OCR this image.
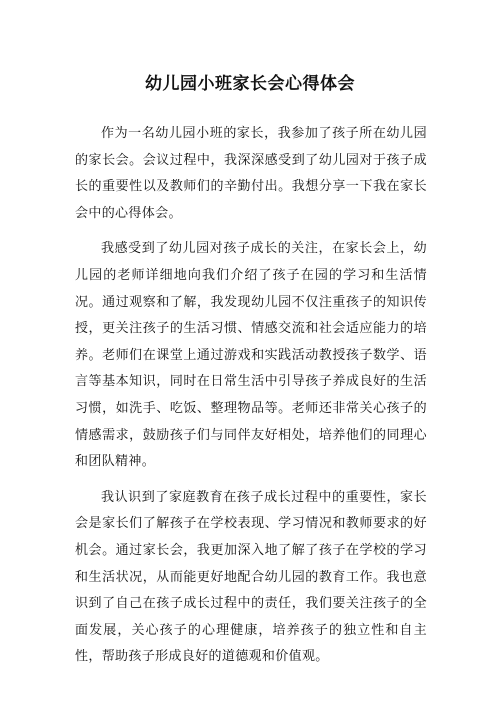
幼儿园小班家长会心得体会

作为一名幼儿园小班的家长，我参加了孩子所在幼儿园的家长会。会议过程中，我深深感受到了幼儿园对于孩子成长的重要性以及教师们的辛勤付出。我想分享一下我在家长会中的心得体会。

我感受到了幼儿园对孩子成长的关注，在家长会上，幼儿园的老师详细地向我们介绍了孩子在园的学习和生活情况。通过观察和了解，我发现幼儿园不仅注重孩子的知识传授，更关注孩子的生活习惯、情感交流和社会适应能力的培养。老师们在课堂上通过游戏和实践活动教授孩子数学、语言等基本知识，同时在日常生活中引导孩子养成良好的生活习惯，如洗手、吃饭、整理物品等。老师还非常关心孩子的情感需求，鼓励孩子们与同伴友好相处，培养他们的同理心和团队精神。

我认识到了家庭教育在孩子成长过程中的重要性，家长会是家长们了解孩子在学校表现、学习情况和教师要求的好机会。通过家长会，我更加深入地了解了孩子在学校的学习和生活状况，从而能更好地配合幼儿园的教育工作。我也意识到了自己在孩子成长过程中的责任，我们要关注孩子的全面发展，关心孩子的心理健康，培养孩子的独立性和自主性，帮助孩子形成良好的道德观和价值观。
